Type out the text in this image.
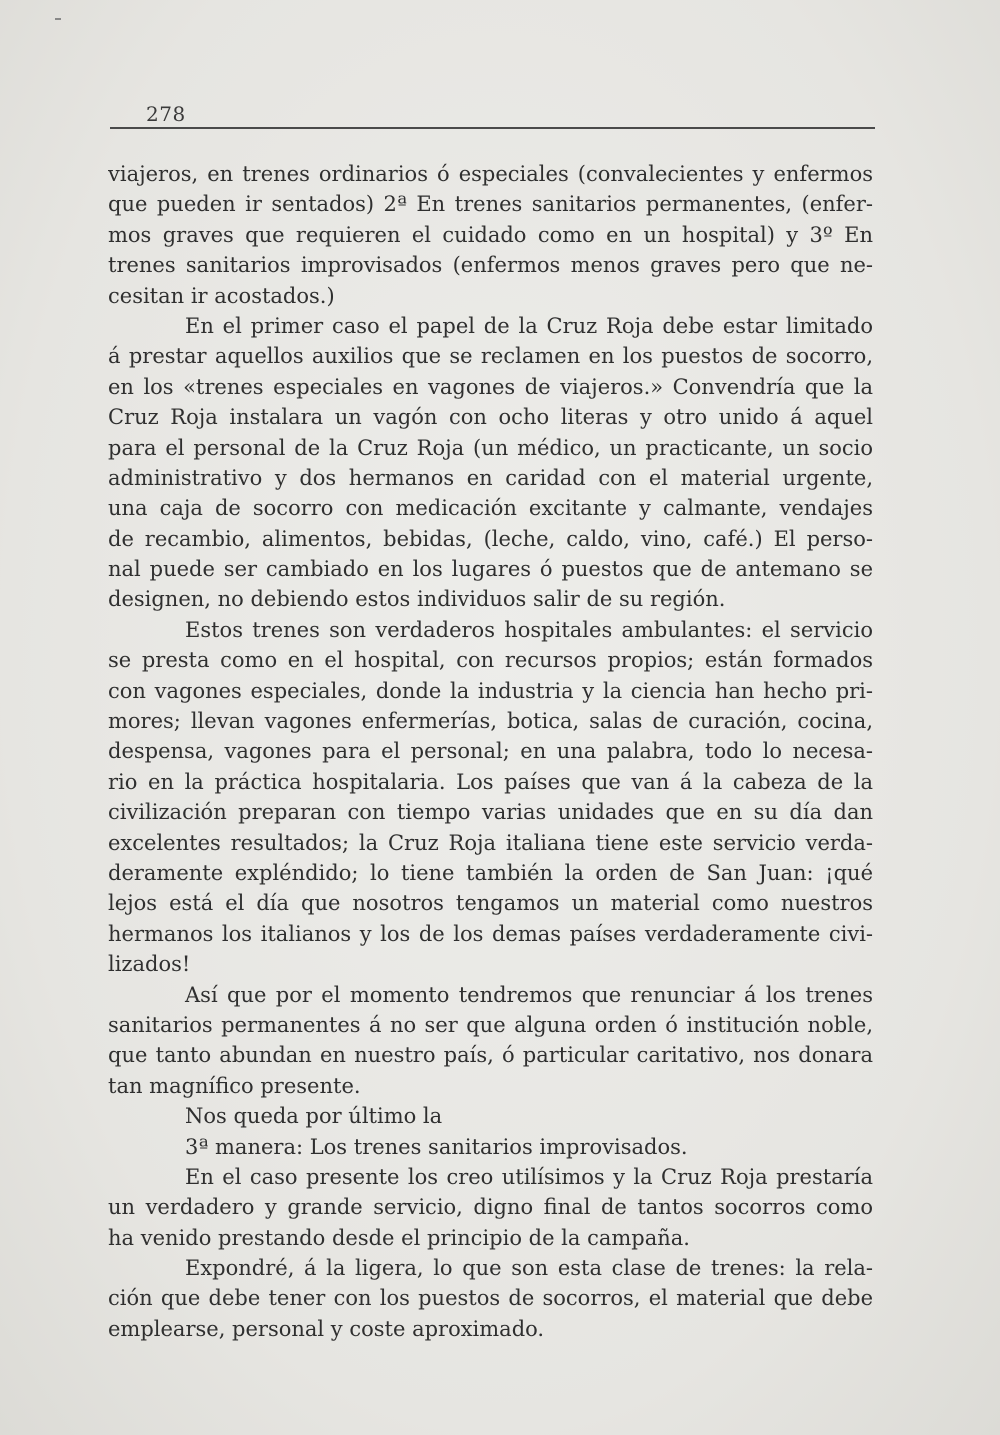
278
viajeros, en trenes ordinarios ó especiales (convalecientes y enfermos
que pueden ir sentados) 2ª En trenes sanitarios permanentes, (enfer-
mos graves que requieren el cuidado como en un hospital) y 3º En
trenes sanitarios improvisados (enfermos menos graves pero que ne-
cesitan ir acostados.)
En el primer caso el papel de la Cruz Roja debe estar limitado
á prestar aquellos auxilios que se reclamen en los puestos de socorro,
en los «trenes especiales en vagones de viajeros.» Convendría que la
Cruz Roja instalara un vagón con ocho literas y otro unido á aquel
para el personal de la Cruz Roja (un médico, un practicante, un socio
administrativo y dos hermanos en caridad con el material urgente,
una caja de socorro con medicación excitante y calmante, vendajes
de recambio, alimentos, bebidas, (leche, caldo, vino, café.) El perso-
nal puede ser cambiado en los lugares ó puestos que de antemano se
designen, no debiendo estos individuos salir de su región.
Estos trenes son verdaderos hospitales ambulantes: el servicio
se presta como en el hospital, con recursos propios; están formados
con vagones especiales, donde la industria y la ciencia han hecho pri-
mores; llevan vagones enfermerías, botica, salas de curación, cocina,
despensa, vagones para el personal; en una palabra, todo lo necesa-
rio en la práctica hospitalaria. Los países que van á la cabeza de la
civilización preparan con tiempo varias unidades que en su día dan
excelentes resultados; la Cruz Roja italiana tiene este servicio verda-
deramente expléndido; lo tiene también la orden de San Juan: ¡qué
lejos está el día que nosotros tengamos un material como nuestros
hermanos los italianos y los de los demas países verdaderamente civi-
lizados!
Así que por el momento tendremos que renunciar á los trenes
sanitarios permanentes á no ser que alguna orden ó institución noble,
que tanto abundan en nuestro país, ó particular caritativo, nos donara
tan magnífico presente.
Nos queda por último la
3ª manera: Los trenes sanitarios improvisados.
En el caso presente los creo utilísimos y la Cruz Roja prestaría
un verdadero y grande servicio, digno final de tantos socorros como
ha venido prestando desde el principio de la campaña.
Expondré, á la ligera, lo que son esta clase de trenes: la rela-
ción que debe tener con los puestos de socorros, el material que debe
emplearse, personal y coste aproximado.
